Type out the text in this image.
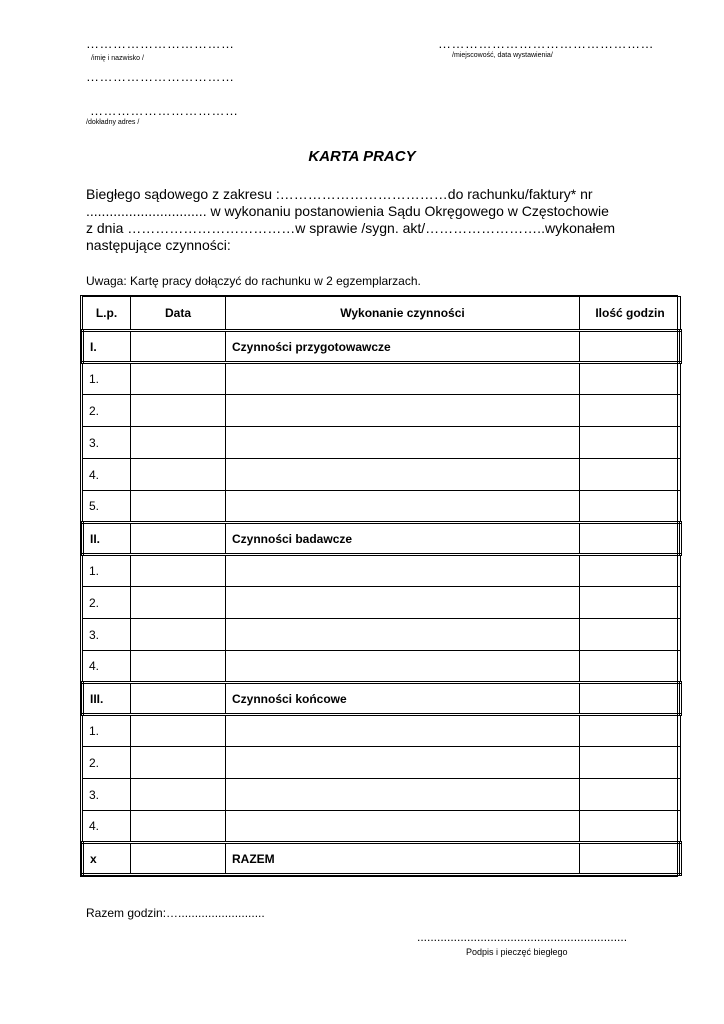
……………………………
/imię i nazwisko /
…………………………………………
/miejscowość, data wystawienia/
……………………………
……………………………
/dokładny adres /
KARTA PRACY
Biegłego sądowego z zakresu :………………………………do rachunku/faktury* nr
............................... w wykonaniu postanowienia Sądu Okręgowego w Częstochowie
z dnia ………………………………w sprawie /sygn. akt/……………………..wykonałem
następujące czynności:
Uwaga: Kartę pracy dołączyć do rachunku w 2 egzemplarzach.
L.p.	Data	Wykonanie czynności	Ilość godzin
I.		Czynności przygotowawcze	
1.			
2.			
3.			
4.			
5.			
II.		Czynności badawcze	
1.			
2.			
3.			
4.			
III.		Czynności końcowe	
1.			
2.			
3.			
4.			
x		RAZEM	
Razem godzin:…..........................
...............................................................
Podpis i pieczęć biegłego
